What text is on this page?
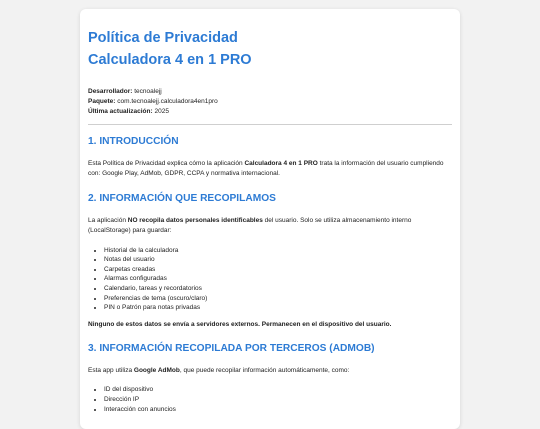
Política de Privacidad
Calculadora 4 en 1 PRO
Desarrollador: tecnoalejj
Paquete: com.tecnoalejj.calculadora4en1pro
Última actualización: 2025
1. INTRODUCCIÓN

Esta Política de Privacidad explica cómo la aplicación Calculadora 4 en 1 PRO trata la información del usuario cumpliendo con: Google Play, AdMob, GDPR, CCPA y normativa internacional.

2. INFORMACIÓN QUE RECOPILAMOS

La aplicación NO recopila datos personales identificables del usuario. Solo se utiliza almacenamiento interno (LocalStorage) para guardar:

• Historial de la calculadora
• Notas del usuario
• Carpetas creadas
• Alarmas configuradas
• Calendario, tareas y recordatorios
• Preferencias de tema (oscuro/claro)
• PIN o Patrón para notas privadas

Ninguno de estos datos se envía a servidores externos. Permanecen en el dispositivo del usuario.

3. INFORMACIÓN RECOPILADA POR TERCEROS (ADMOB)

Esta app utiliza Google AdMob, que puede recopilar información automáticamente, como:

• ID del dispositivo
• Dirección IP
• Interacción con anuncios
